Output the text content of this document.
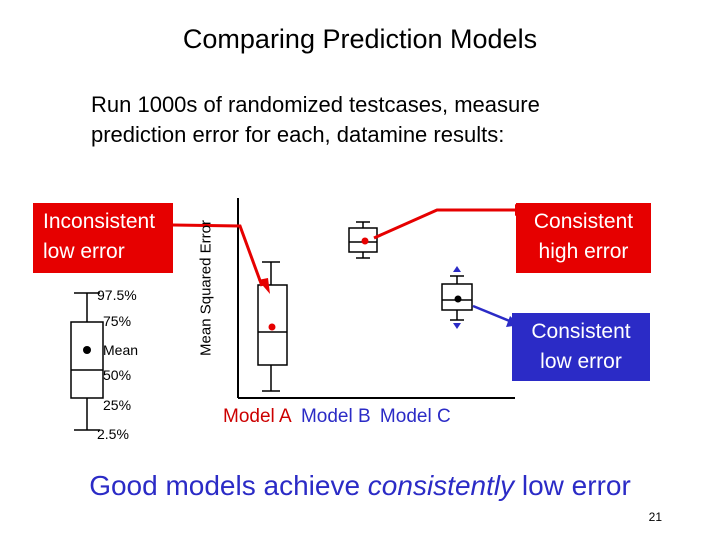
Comparing Prediction Models
Run 1000s of randomized testcases, measure prediction error for each, datamine results:
Inconsistent low error
Consistent high error
Consistent low error
Mean Squared Error
97.5%
75%
Mean
50%
25%
2.5%
Model A Model B Model C
Good models achieve consistently low error
21
